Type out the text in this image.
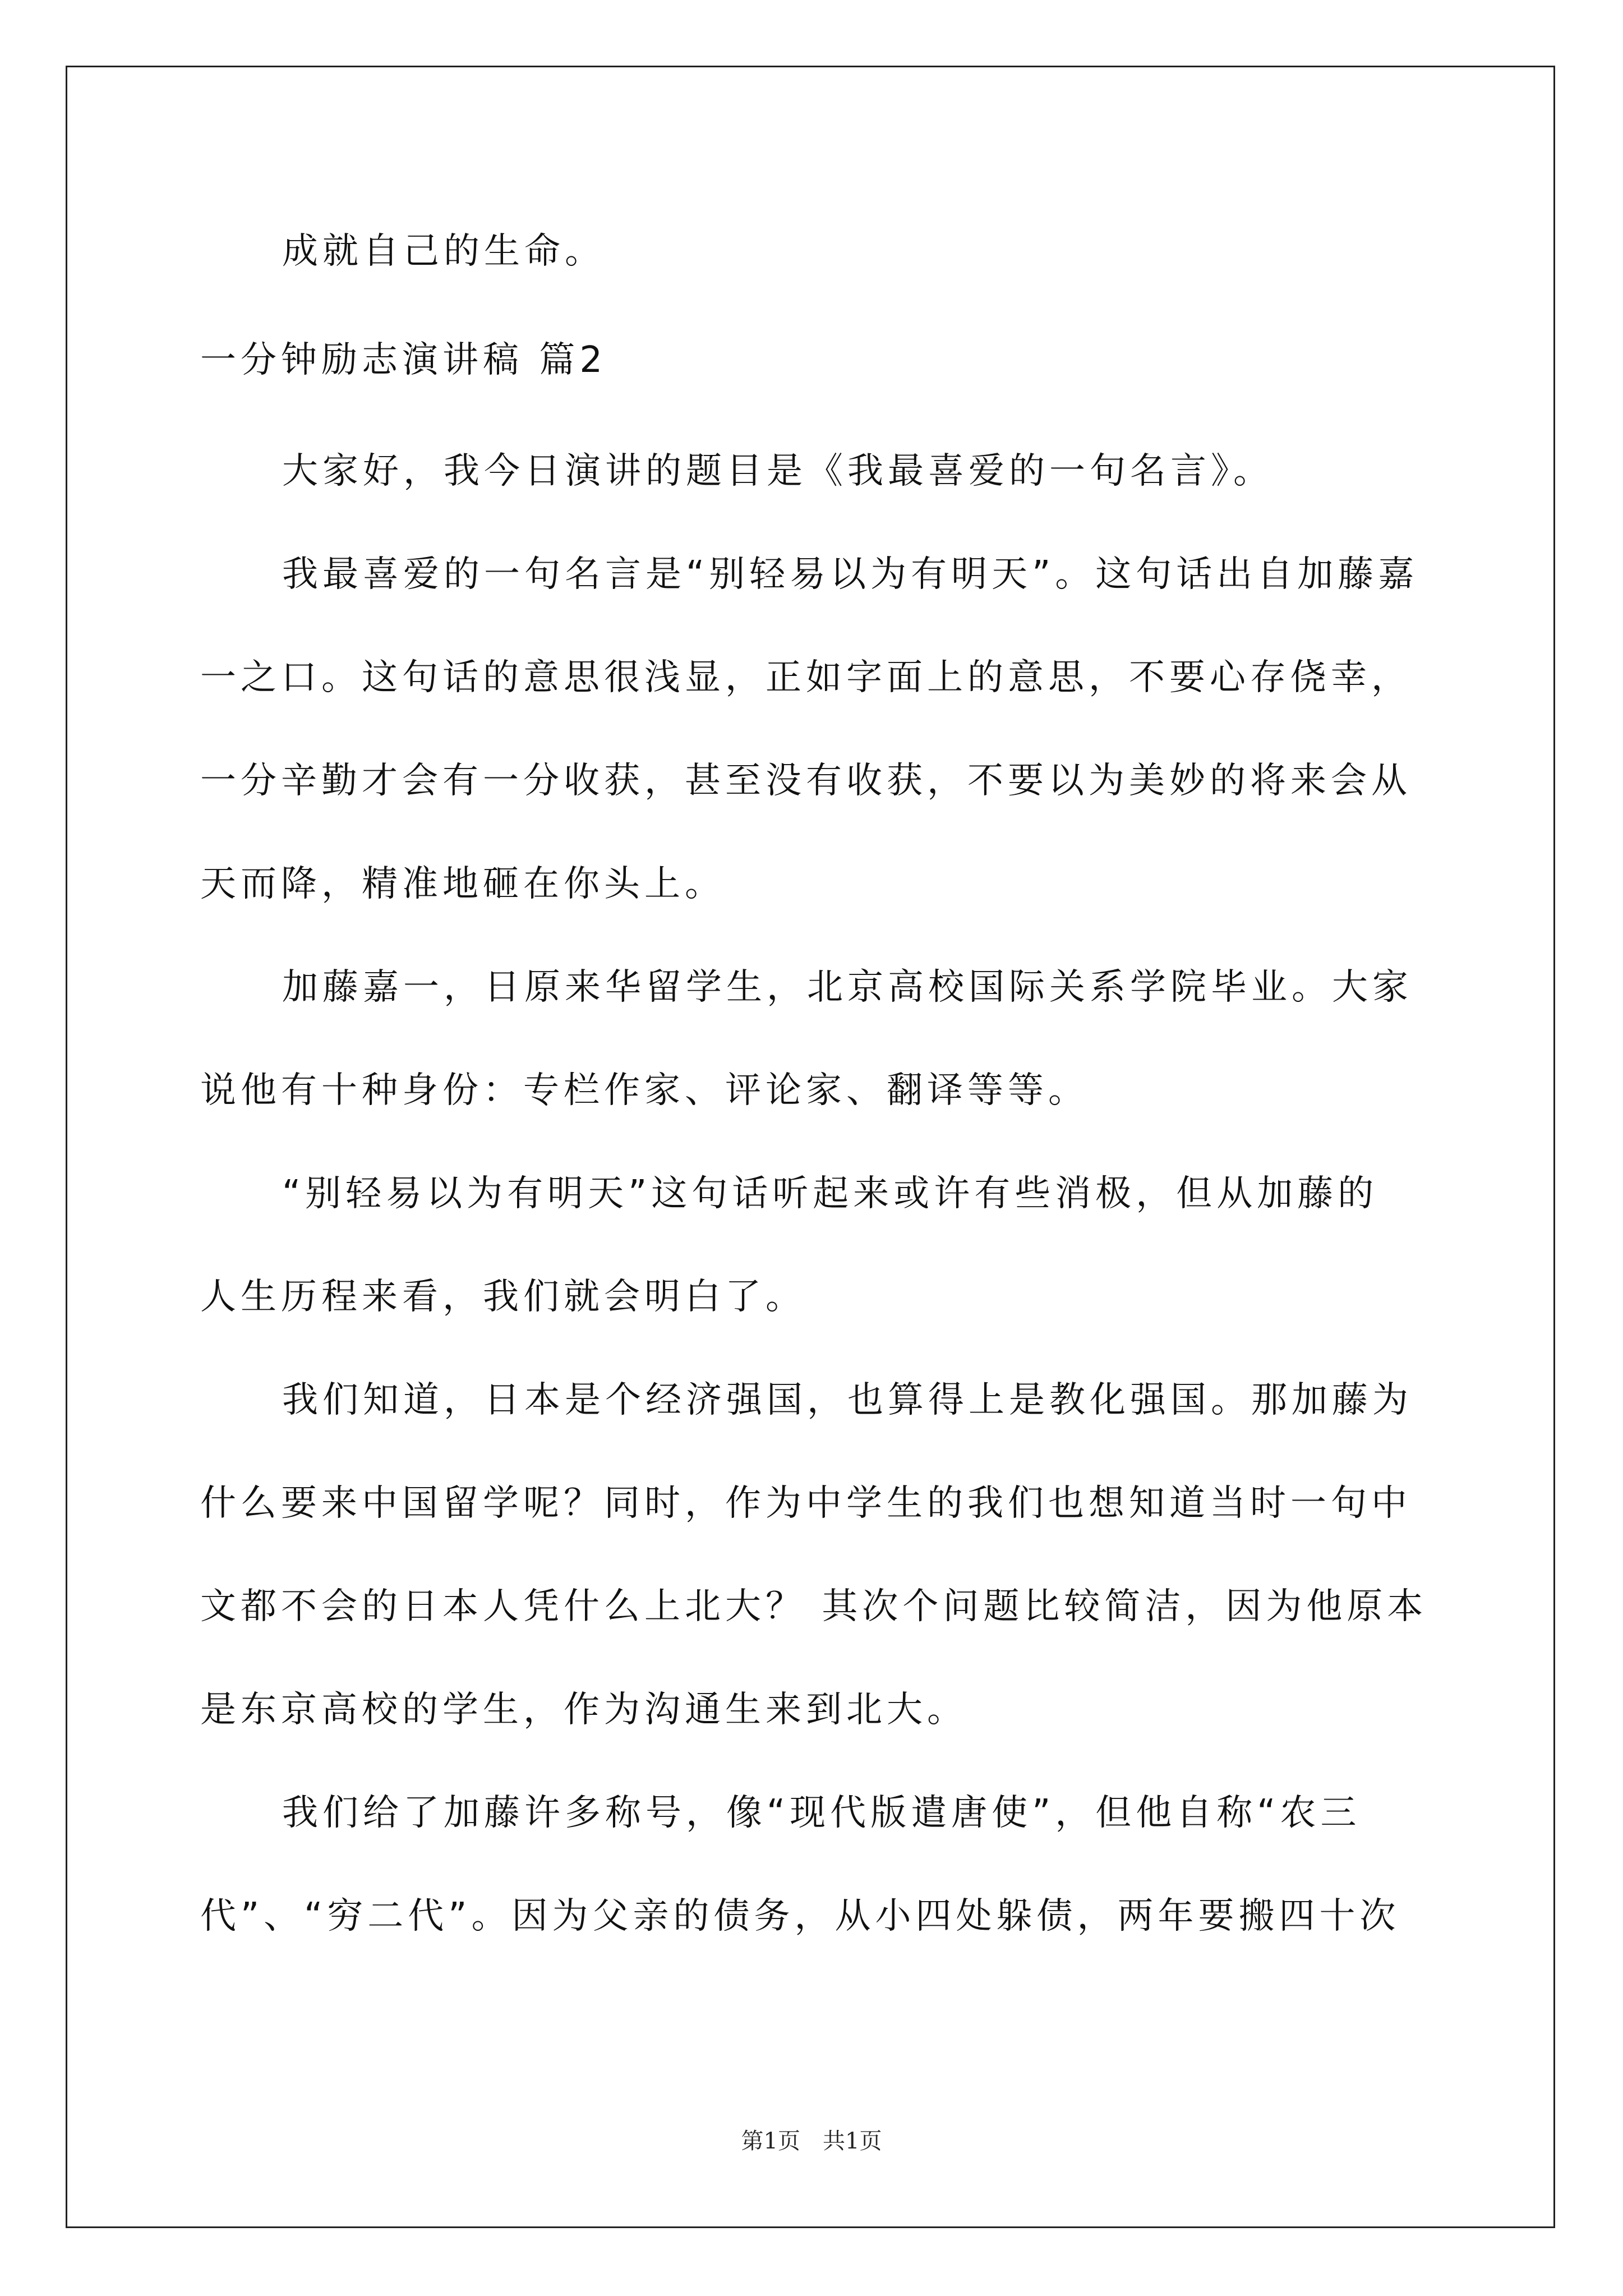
成就自己的生命。
一分钟励志演讲稿 篇2
大家好，我今日演讲的题目是《我最喜爱的一句名言》。
我最喜爱的一句名言是“别轻易以为有明天”。这句话出自加藤嘉
一之口。这句话的意思很浅显，正如字面上的意思，不要心存侥幸，
一分辛勤才会有一分收获，甚至没有收获，不要以为美妙的将来会从
天而降，精准地砸在你头上。
加藤嘉一，日原来华留学生，北京高校国际关系学院毕业。大家
说他有十种身份：专栏作家、评论家、翻译等等。
“别轻易以为有明天”这句话听起来或许有些消极，但从加藤的
人生历程来看，我们就会明白了。
我们知道，日本是个经济强国，也算得上是教化强国。那加藤为
什么要来中国留学呢？同时，作为中学生的我们也想知道当时一句中
文都不会的日本人凭什么上北大？ 其次个问题比较简洁，因为他原本
是东京高校的学生，作为沟通生来到北大。
我们给了加藤许多称号，像“现代版遣唐使”，但他自称“农三
代”、“穷二代”。因为父亲的债务，从小四处躲债，两年要搬四十次
第1页　共1页
